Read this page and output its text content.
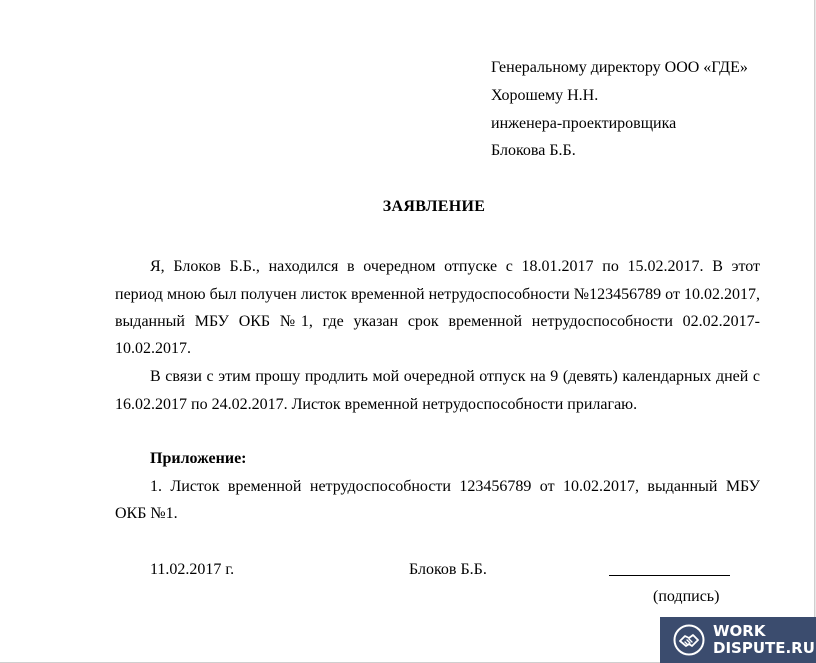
Генеральному директору ООО «ГДЕ»
Хорошему Н.Н.
инженера-проектировщика
Блокова Б.Б.
ЗАЯВЛЕНИЕ
Я, Блоков Б.Б., находился в очередном отпуске с 18.01.2017 по 15.02.2017. В этот
период мною был получен листок временной нетрудоспособности №123456789 от 10.02.2017,
выданный МБУ ОКБ №1, где указан срок временной нетрудоспособности 02.02.2017-
10.02.2017.
В связи с этим прошу продлить мой очередной отпуск на 9 (девять) календарных дней с
16.02.2017 по 24.02.2017. Листок временной нетрудоспособности прилагаю.
Приложение:
1. Листок временной нетрудоспособности 123456789 от 10.02.2017, выданный МБУ
ОКБ №1.
11.02.2017 г.	Блоков Б.Б.
(подпись)
WORK
DISPUTE.RU
